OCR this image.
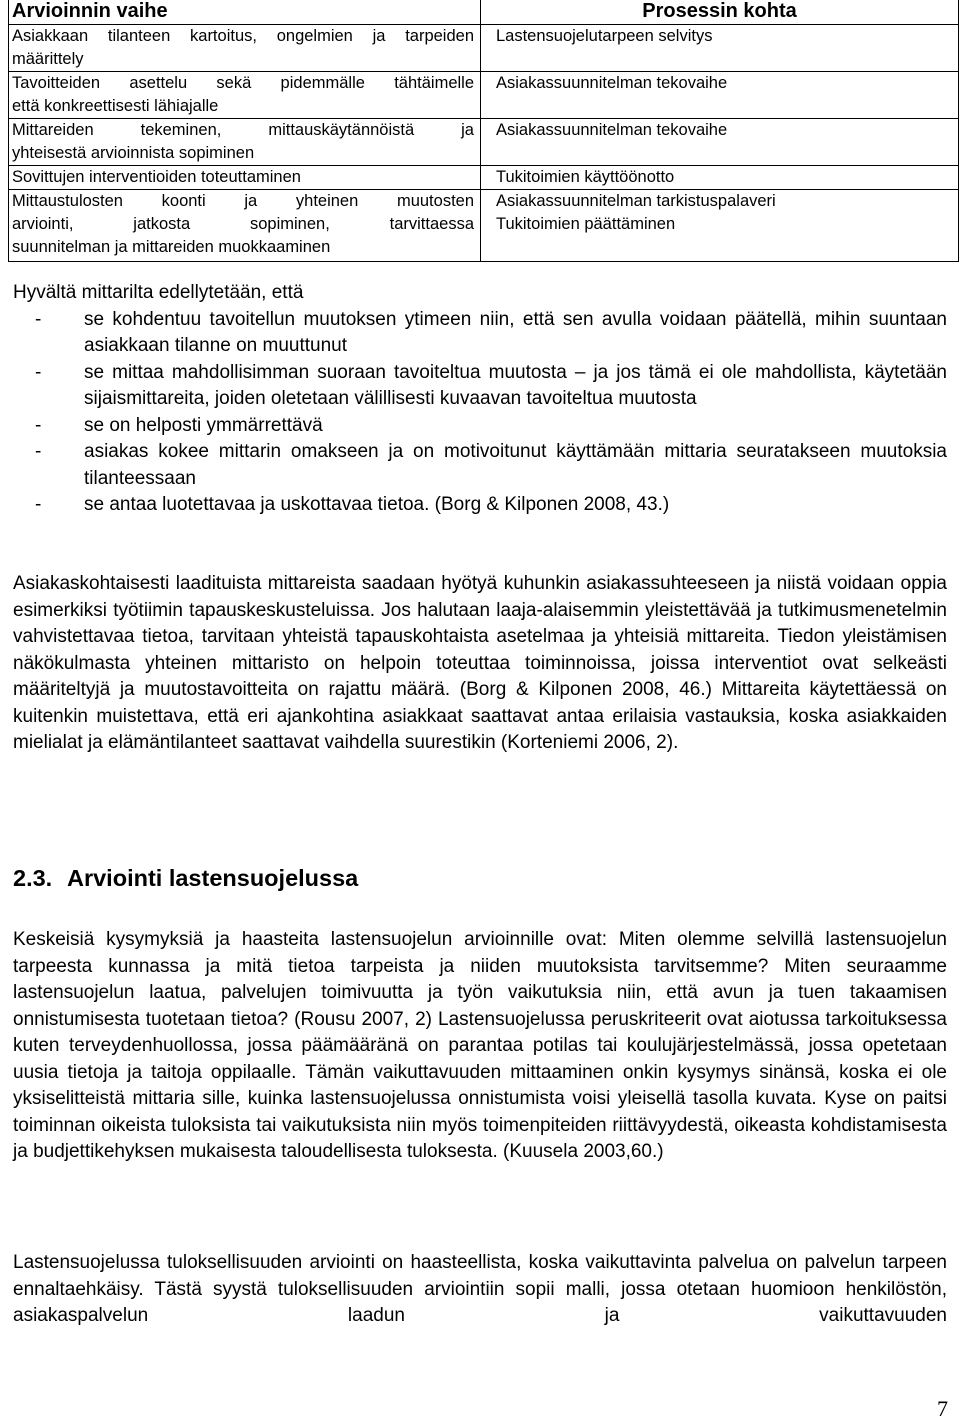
Arvioinnin vaihe	Prosessin kohta

Asiakkaan tilanteen kartoitus, ongelmien ja tarpeiden
määrittely	Lastensuojelutarpeen selvitys

Tavoitteiden asettelu sekä pidemmälle tähtäimelle
että konkreettisesti lähiajalle	Asiakassuunnitelman tekovaihe

Mittareiden tekeminen, mittauskäytännöistä ja
yhteisestä arvioinnista sopiminen	Asiakassuunnitelman tekovaihe

Sovittujen interventioiden toteuttaminen	Tukitoimien käyttöönotto

Mittaustulosten koonti ja yhteinen muutosten
arviointi, jatkosta sopiminen, tarvittaessa
suunnitelman ja mittareiden muokkaaminen	Asiakassuunnitelman tarkistuspalaveri
Tukitoimien päättäminen
Hyvältä mittarilta edellytetään, että
- se kohdentuu tavoitellun muutoksen ytimeen niin, että sen avulla voidaan päätellä, mihin suuntaan asiakkaan tilanne on muuttunut
- se mittaa mahdollisimman suoraan tavoiteltua muutosta – ja jos tämä ei ole mahdollista, käytetään sijaismittareita, joiden oletetaan välillisesti kuvaavan tavoiteltua muutosta
- se on helposti ymmärrettävä
- asiakas kokee mittarin omakseen ja on motivoitunut käyttämään mittaria seuratakseen muutoksia tilanteessaan
- se antaa luotettavaa ja uskottavaa tietoa. (Borg & Kilponen 2008, 43.)

Asiakaskohtaisesti laadituista mittareista saadaan hyötyä kuhunkin asiakassuhteeseen ja niistä voidaan oppia esimerkiksi työtiimin tapauskeskusteluissa. Jos halutaan laaja-alaisemmin yleistettävää ja tutkimusmenetelmin vahvistettavaa tietoa, tarvitaan yhteistä tapauskohtaista asetelmaa ja yhteisiä mittareita. Tiedon yleistämisen näkökulmasta yhteinen mittaristo on helpoin toteuttaa toiminnoissa, joissa interventiot ovat selkeästi määriteltyjä ja muutostavoitteita on rajattu määrä. (Borg & Kilponen 2008, 46.) Mittareita käytettäessä on kuitenkin muistettava, että eri ajankohtina asiakkaat saattavat antaa erilaisia vastauksia, koska asiakkaiden mielialat ja elämäntilanteet saattavat vaihdella suurestikin (Korteniemi 2006, 2).

2.3. Arviointi lastensuojelussa

Keskeisiä kysymyksiä ja haasteita lastensuojelun arvioinnille ovat: Miten olemme selvillä lastensuojelun tarpeesta kunnassa ja mitä tietoa tarpeista ja niiden muutoksista tarvitsemme? Miten seuraamme lastensuojelun laatua, palvelujen toimivuutta ja työn vaikutuksia niin, että avun ja tuen takaamisen onnistumisesta tuotetaan tietoa? (Rousu 2007, 2) Lastensuojelussa peruskriteerit ovat aiotussa tarkoituksessa kuten terveydenhuollossa, jossa päämääränä on parantaa potilas tai koulujärjestelmässä, jossa opetetaan uusia tietoja ja taitoja oppilaalle. Tämän vaikuttavuuden mittaaminen onkin kysymys sinänsä, koska ei ole yksiselitteistä mittaria sille, kuinka lastensuojelussa onnistumista voisi yleisellä tasolla kuvata. Kyse on paitsi toiminnan oikeista tuloksista tai vaikutuksista niin myös toimenpiteiden riittävyydestä, oikeasta kohdistamisesta ja budjettikehyksen mukaisesta taloudellisesta tuloksesta. (Kuusela 2003,60.)

Lastensuojelussa tuloksellisuuden arviointi on haasteellista, koska vaikuttavinta palvelua on palvelun tarpeen ennaltaehkäisy. Tästä syystä tuloksellisuuden arviointiin sopii malli, jossa otetaan huomioon henkilöstön, asiakaspalvelun laadun ja vaikuttavuuden

7
